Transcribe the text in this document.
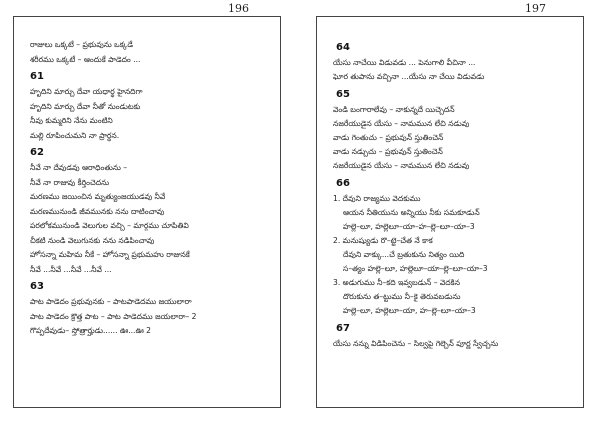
196	197
రాజులు ఒక్కటే – ప్రభువును ఒక్కడే
శరీరము ఒక్కటే – ఆందుకే పాడెదం ...
61
హృదిని మార్చు దేవా యధార్థ హైనదిగా
హృదిని మార్చు దేవా నీతో నుండుటకు
నీవు కుమ్మరిని నేను మంటిని
మల్లి రూపించుమని నా ప్రార్థన.
62
నీవే నా దేవుడవు ఆరాధింతును –
నీవే నా రాజువు కీర్తించెదను
మరణము జయించిన మృత్యుంజయుడవు నీవే
మరణమునుండి జీవమునకు నను దాటించావు
పరలోకమునుండి వెలుగుల వచ్చి – మార్గము చూపితివి
చీకటి నుండి వెలుగునకు నను నడిపించావు
హోసన్నా మహిమ నీకే – హోసన్నా ప్రభుమహు రాజునకే
నీవే ...నీవే ...నీవే ...నీవే ...
63
పాట పాడెదం ప్రభువునకు – పాటపాడెదము జయులారా
పాట పాడెదం క్రొత్త పాట – పాట పాడెదము జయలారా– 2
గొప్పదేవుడు– స్తోత్రార్హుడు...... ఊ...ఊ 2
64
యేసు నాచేయి విడువడు ... పెనుగాలి వీచినా ...
ఘోర తుపాను వచ్చినా ...యేసు నా చేయి విడువడు
65
వెండి బంగారాలేవు – నాకున్నదే యిచ్చెదన్
నజరేయుడైన యేసు – నామమున లేచి నడువు
వాడు గెంతుచు – ప్రభువున్ స్తుతించెన్
వాడు నడ్చుచు – ప్రభువున్ స్తుతించెన్
నజరేయుడైన యేసు – నామమున లేచి నడువు
66
1. దేవుని రాజ్యము వెదకుము
ఆయన నీతియును అన్నియు నీకు సమకూడున్
హల్లె–లూ, హల్లెలూ–యా–హ–ల్లె–లూ–యా–3
2. మనుష్యుడు రొ–ట్టె–చేత నే కాక
దేవుని వాక్కు...చే బ్రతుకును నిత్యం యిది
స–త్యం హల్లె–లూ, హల్లెలూ–యా–ల్లె–లూ–యా–3
3. అడుగుము నీ–కది ఇవ్వబడున్ – వెదకిన
దొరుకును త–ట్టుము నీ–కై తెరువబడును
హల్లె–లూ, హల్లెలూ–యా, హ–ల్లె–లూ–యా–3
67
యేసు నన్ను విడిపించెను – సిల్వపై గెల్చెన్ పూర్ణ స్వేచ్చను
